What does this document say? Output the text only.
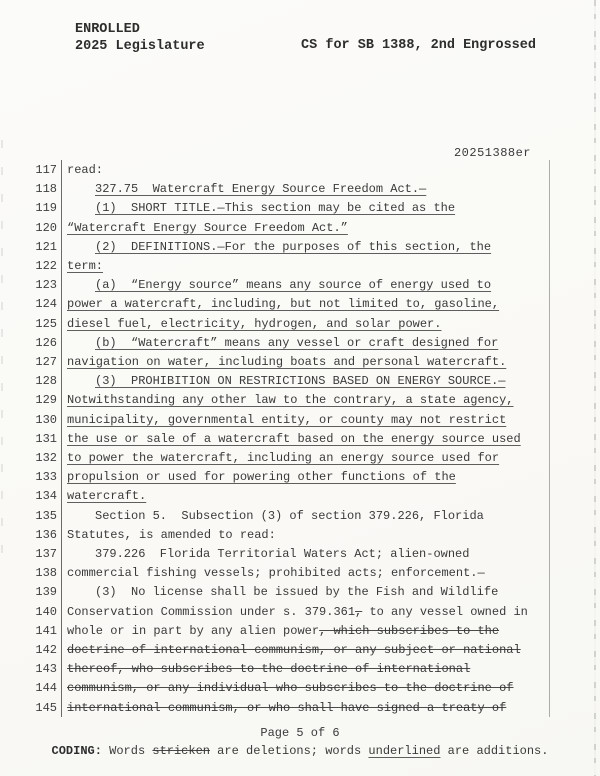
ENROLLED
2025 Legislature	CS for SB 1388, 2nd Engrossed
20251388er
117 read:
118	327.75  Watercraft Energy Source Freedom Act.—
119	(1)  SHORT TITLE.—This section may be cited as the
120 “Watercraft Energy Source Freedom Act.”
121	(2)  DEFINITIONS.—For the purposes of this section, the
122 term:
123	(a)  “Energy source” means any source of energy used to
124 power a watercraft, including, but not limited to, gasoline,
125 diesel fuel, electricity, hydrogen, and solar power.
126	(b)  “Watercraft” means any vessel or craft designed for
127 navigation on water, including boats and personal watercraft.
128	(3)  PROHIBITION ON RESTRICTIONS BASED ON ENERGY SOURCE.—
129 Notwithstanding any other law to the contrary, a state agency,
130 municipality, governmental entity, or county may not restrict
131 the use or sale of a watercraft based on the energy source used
132 to power the watercraft, including an energy source used for
133 propulsion or used for powering other functions of the
134 watercraft.
135	Section 5.  Subsection (3) of section 379.226, Florida
136 Statutes, is amended to read:
137	379.226  Florida Territorial Waters Act; alien-owned
138 commercial fishing vessels; prohibited acts; enforcement.—
139	(3)  No license shall be issued by the Fish and Wildlife
140 Conservation Commission under s. 379.361, to any vessel owned in
141 whole or in part by any alien power, which subscribes to the
142 doctrine of international communism, or any subject or national
143 thereof, who subscribes to the doctrine of international
144 communism, or any individual who subscribes to the doctrine of
145 international communism, or who shall have signed a treaty of
Page 5 of 6
CODING: Words stricken are deletions; words underlined are additions.
